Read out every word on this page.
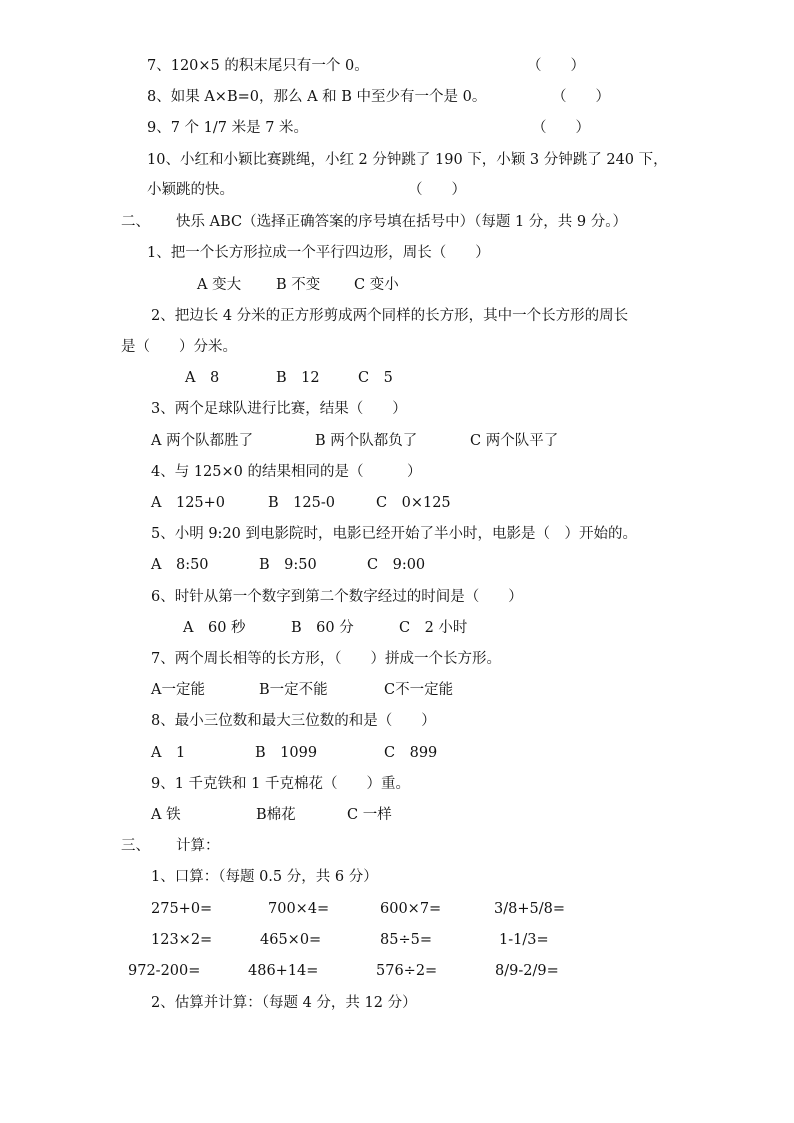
7、120×5 的积末尾只有一个 0。	（　　）
8、如果 A×B=0，那么 A 和 B 中至少有一个是 0。	（　　）
9、7 个 1/7 米是 7 米。	（　　）
10、小红和小颖比赛跳绳，小红 2 分钟跳了 190 下，小颖 3 分钟跳了 240 下，
小颖跳的快。	（　　）
二、 快乐 ABC（选择正确答案的序号填在括号中）（每题 1 分，共 9 分。）
1、把一个长方形拉成一个平行四边形，周长（　　）
A 变大 B 不变 C 变小
2、把边长 4 分米的正方形剪成两个同样的长方形，其中一个长方形的周长
是（　　）分米。
A　8	B　12	C　5
3、两个足球队进行比赛，结果（　　）
A 两个队都胜了	B 两个队都负了	C 两个队平了
4、与 125×0 的结果相同的是（　　　）
A　125+0	B　125-0	C　0×125
5、小明 9:20 到电影院时，电影已经开始了半小时，电影是（　）开始的。
A　8:50	B　9:50	C　9:00
6、时针从第一个数字到第二个数字经过的时间是（　　）
A　60 秒	B　60 分	C　2 小时
7、两个周长相等的长方形，（　　）拼成一个长方形。
A一定能	B一定不能	C不一定能
8、最小三位数和最大三位数的和是（　　）
A　1	B　1099	C　899
9、1 千克铁和 1 千克棉花（　　）重。
A 铁	B棉花	C 一样
三、 计算：
1、口算：（每题 0.5 分，共 6 分）
275+0=	700×4=	600×7=	3/8+5/8=
123×2=	465×0=	85÷5=	1-1/3=
972-200=	486+14=	576÷2=	8/9-2/9=
2、估算并计算：（每题 4 分，共 12 分）
